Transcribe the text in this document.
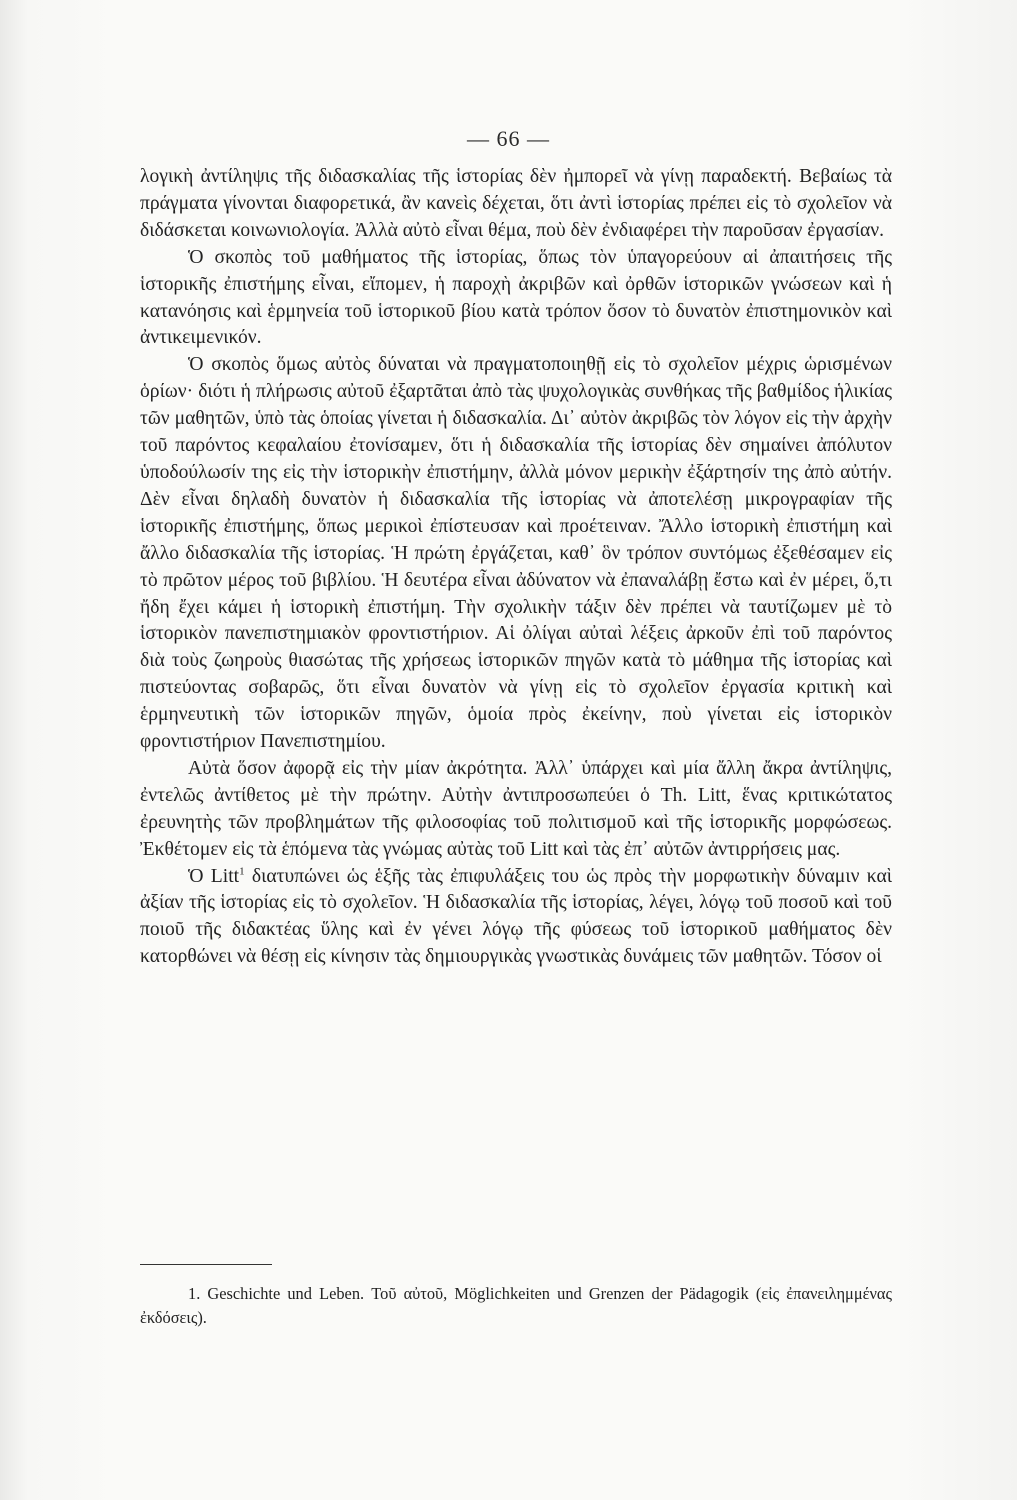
— 66 —

λογικὴ ἀντίληψις τῆς διδασκαλίας τῆς ἱστορίας δὲν ἠμπορεῖ νὰ γίνῃ παραδεκτή. Βεβαίως τὰ πράγματα γίνονται διαφορετικά, ἂν κανεὶς δέχεται, ὅτι ἀντὶ ἱστορίας πρέπει εἰς τὸ σχολεῖον νὰ διδάσκεται κοινωνιολογία. Ἀλλὰ αὐτὸ εἶναι θέμα, ποὺ δὲν ἐνδιαφέρει τὴν παροῦσαν ἐργασίαν.

Ὁ σκοπὸς τοῦ μαθήματος τῆς ἱστορίας, ὅπως τὸν ὑπαγορεύουν αἱ ἀπαιτήσεις τῆς ἱστορικῆς ἐπιστήμης εἶναι, εἴπομεν, ἡ παροχὴ ἀκριβῶν καὶ ὀρθῶν ἱστορικῶν γνώσεων καὶ ἡ κατανόησις καὶ ἑρμηνεία τοῦ ἱστορικοῦ βίου κατὰ τρόπον ὅσον τὸ δυνατὸν ἐπιστημονικὸν καὶ ἀντικειμενικόν.

Ὁ σκοπὸς ὅμως αὐτὸς δύναται νὰ πραγματοποιηθῇ εἰς τὸ σχολεῖον μέχρις ὡρισμένων ὁρίων· διότι ἡ πλήρωσις αὐτοῦ ἐξαρτᾶται ἀπὸ τὰς ψυχολογικὰς συνθήκας τῆς βαθμίδος ἡλικίας τῶν μαθητῶν, ὑπὸ τὰς ὁποίας γίνεται ἡ διδασκαλία. Δι᾽ αὐτὸν ἀκριβῶς τὸν λόγον εἰς τὴν ἀρχὴν τοῦ παρόντος κεφαλαίου ἐτονίσαμεν, ὅτι ἡ διδασκαλία τῆς ἱστορίας δὲν σημαίνει ἀπόλυτον ὑποδούλωσίν της εἰς τὴν ἱστορικὴν ἐπιστήμην, ἀλλὰ μόνον μερικὴν ἐξάρτησίν της ἀπὸ αὐτήν. Δὲν εἶναι δηλαδὴ δυνατὸν ἡ διδασκαλία τῆς ἱστορίας νὰ ἀποτελέσῃ μικρογραφίαν τῆς ἱστορικῆς ἐπιστήμης, ὅπως μερικοὶ ἐπίστευσαν καὶ προέτειναν. Ἄλλο ἱστορικὴ ἐπιστήμη καὶ ἄλλο διδασκαλία τῆς ἱστορίας. Ἡ πρώτη ἐργάζεται, καθ᾽ ὃν τρόπον συντόμως ἐξεθέσαμεν εἰς τὸ πρῶτον μέρος τοῦ βιβλίου. Ἡ δευτέρα εἶναι ἀδύνατον νὰ ἐπαναλάβῃ ἔστω καὶ ἐν μέρει, ὅ,τι ἤδη ἔχει κάμει ἡ ἱστορικὴ ἐπιστήμη. Τὴν σχολικὴν τάξιν δὲν πρέπει νὰ ταυτίζωμεν μὲ τὸ ἱστορικὸν πανεπιστημιακὸν φροντιστήριον. Αἱ ὀλίγαι αὐταὶ λέξεις ἀρκοῦν ἐπὶ τοῦ παρόντος διὰ τοὺς ζωηροὺς θιασώτας τῆς χρήσεως ἱστορικῶν πηγῶν κατὰ τὸ μάθημα τῆς ἱστορίας καὶ πιστεύοντας σοβαρῶς, ὅτι εἶναι δυνατὸν νὰ γίνῃ εἰς τὸ σχολεῖον ἐργασία κριτικὴ καὶ ἑρμηνευτικὴ τῶν ἱστορικῶν πηγῶν, ὁμοία πρὸς ἐκείνην, ποὺ γίνεται εἰς ἱστορικὸν φροντιστήριον Πανεπιστημίου.

Αὐτὰ ὅσον ἀφορᾷ εἰς τὴν μίαν ἀκρότητα. Ἀλλ᾽ ὑπάρχει καὶ μία ἄλλη ἄκρα ἀντίληψις, ἐντελῶς ἀντίθετος μὲ τὴν πρώτην. Αὐτὴν ἀντιπροσωπεύει ὁ Th. Litt, ἕνας κριτικώτατος ἐρευνητὴς τῶν προβλημάτων τῆς φιλοσοφίας τοῦ πολιτισμοῦ καὶ τῆς ἱστορικῆς μορφώσεως. Ἐκθέτομεν εἰς τὰ ἑπόμενα τὰς γνώμας αὐτὰς τοῦ Litt καὶ τὰς ἐπ᾽ αὐτῶν ἀντιρρήσεις μας.

Ὁ Litt$^1$ διατυπώνει ὡς ἑξῆς τὰς ἐπιφυλάξεις του ὡς πρὸς τὴν μορφωτικὴν δύναμιν καὶ ἀξίαν τῆς ἱστορίας εἰς τὸ σχολεῖον. Ἡ διδασκαλία τῆς ἱστορίας, λέγει, λόγῳ τοῦ ποσοῦ καὶ τοῦ ποιοῦ τῆς διδακτέας ὕλης καὶ ἐν γένει λόγῳ τῆς φύσεως τοῦ ἱστορικοῦ μαθήματος δὲν κατορθώνει νὰ θέσῃ εἰς κίνησιν τὰς δημιουργικὰς γνωστικὰς δυνάμεις τῶν μαθητῶν. Τόσον οἱ

1. Geschichte und Leben. Τοῦ αὐτοῦ, Möglichkeiten und Grenzen der Pädagogik (εἰς ἐπανειλημμένας ἐκδόσεις).
